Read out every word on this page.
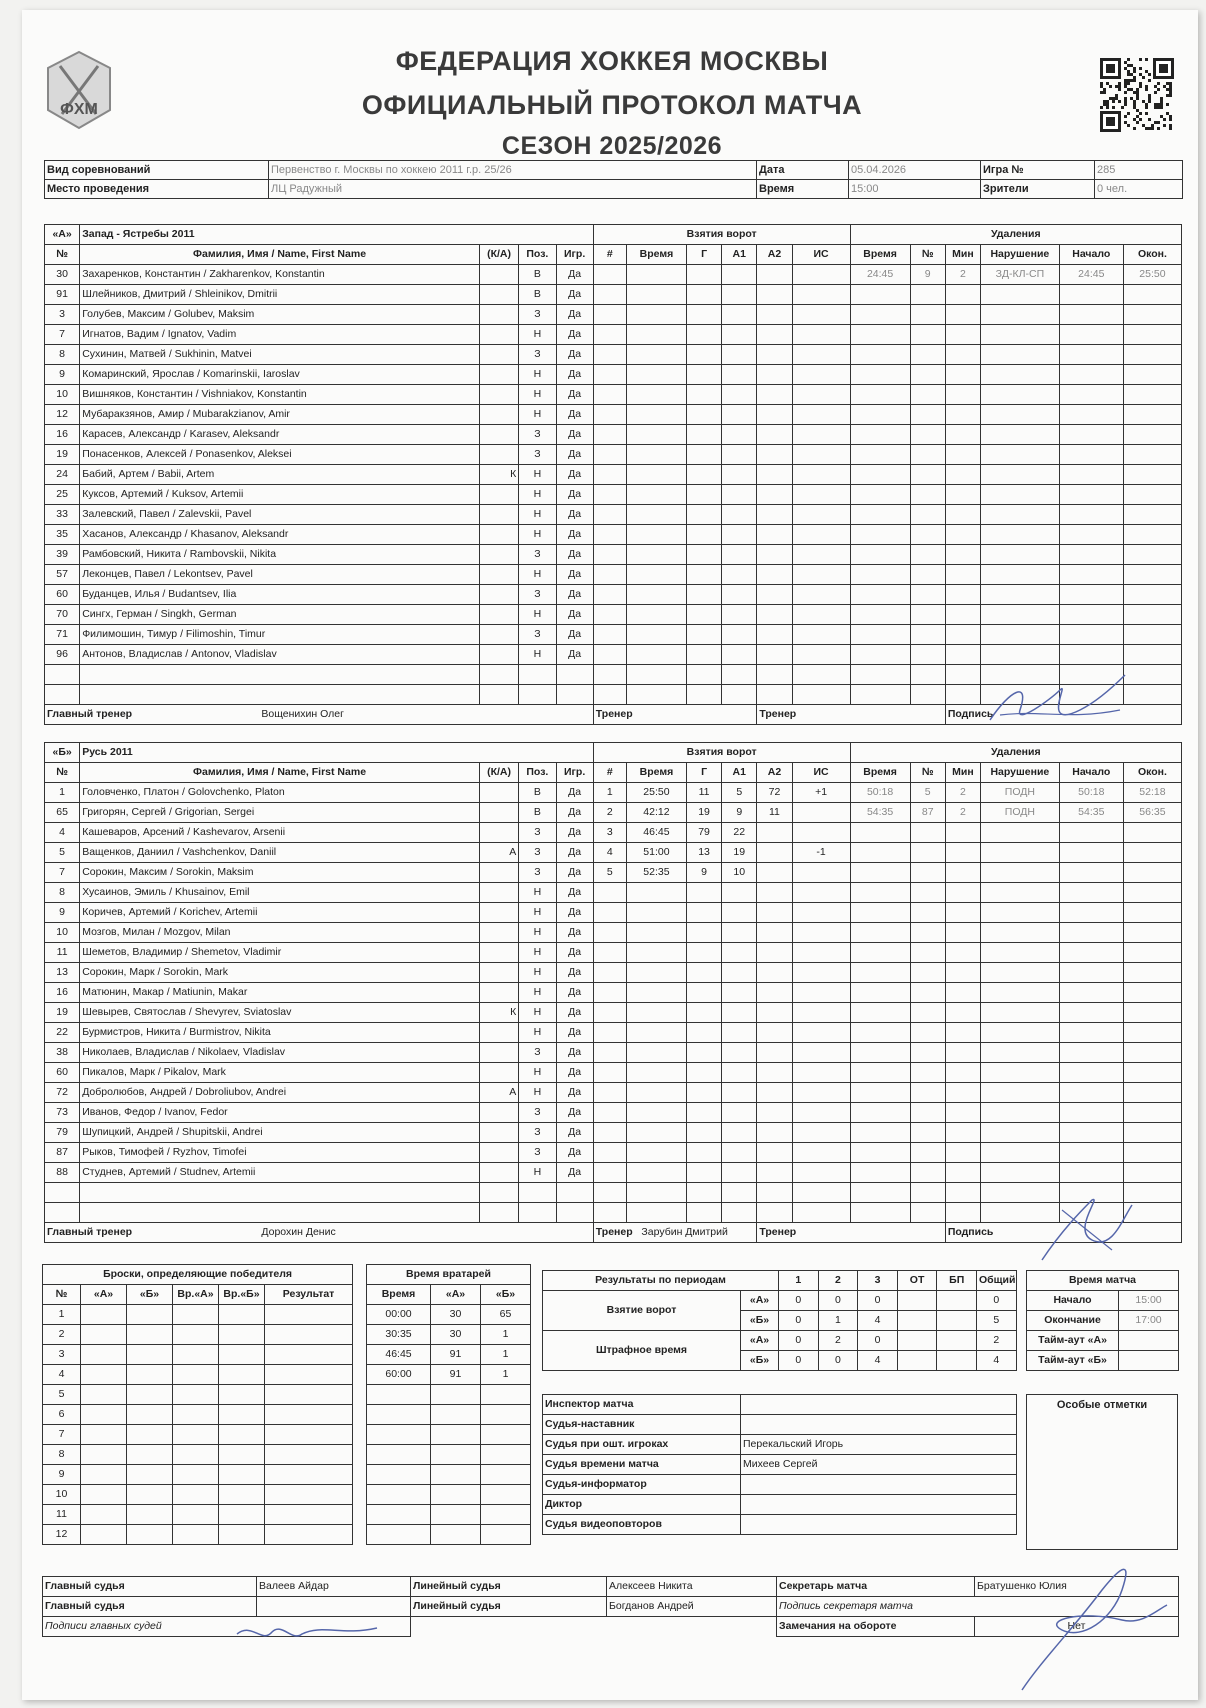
ФХМ
ФЕДЕРАЦИЯ ХОККЕЯ МОСКВЫ
ОФИЦИАЛЬНЫЙ ПРОТОКОЛ МАТЧА
СЕЗОН 2025/2026
Вид соревнований	Первенство г. Москвы по хоккею 2011 г.р. 25/26	Дата	05.04.2026	Игра №	285
Место проведения	ЛЦ Радужный	Время	15:00	Зрители	0 чел.
«А»	Запад - Ястребы 2011				Взятия ворот						Удаления					
№	Фамилия, Имя / Name, First Name	(К/А)	Поз.	Игр.	#	Время	Г	А1	А2	ИС	Время	№	Мин	Нарушение	Начало	Окон.
30	Захаренков, Константин / Zakharenkov, Konstantin		В	Да							24:45	9	2	ЗД-КЛ-СП	24:45	25:50
91	Шлейников, Дмитрий / Shleinikov, Dmitrii		В	Да												
3	Голубев, Максим / Golubev, Maksim		З	Да												
7	Игнатов, Вадим / Ignatov, Vadim		Н	Да												
8	Сухинин, Матвей / Sukhinin, Matvei		З	Да												
9	Комаринский, Ярослав / Komarinskii, Iaroslav		Н	Да												
10	Вишняков, Константин / Vishniakov, Konstantin		Н	Да												
12	Мубаракзянов, Амир / Mubarakzianov, Amir		Н	Да												
16	Карасев, Александр / Karasev, Aleksandr		З	Да												
19	Понасенков, Алексей / Ponasenkov, Aleksei		З	Да												
24	Бабий, Артем / Babii, Artem	К	Н	Да												
25	Куксов, Артемий / Kuksov, Artemii		Н	Да												
33	Залевский, Павел / Zalevskii, Pavel		Н	Да												
35	Хасанов, Александр / Khasanov, Aleksandr		Н	Да												
39	Рамбовский, Никита / Rambovskii, Nikita		З	Да												
57	Леконцев, Павел / Lekontsev, Pavel		Н	Да												
60	Буданцев, Илья / Budantsev, Ilia		З	Да												
70	Сингх, Герман / Singkh, German		Н	Да												
71	Филимошин, Тимур / Filimoshin, Timur		З	Да												
96	Антонов, Владислав / Antonov, Vladislav		Н	Да												

Главный тренер		Вощенихин Олег			Тренер				Тренер				Подпись			
«Б»	Русь 2011				Взятия ворот						Удаления					
№	Фамилия, Имя / Name, First Name	(К/А)	Поз.	Игр.	#	Время	Г	А1	А2	ИС	Время	№	Мин	Нарушение	Начало	Окон.
1	Головченко, Платон / Golovchenko, Platon		В	Да	1	25:50	11	5	72	+1	50:18	5	2	ПОДН	50:18	52:18
65	Григорян, Сергей / Grigorian, Sergei		В	Да	2	42:12	19	9	11		54:35	87	2	ПОДН	54:35	56:35
4	Кашеваров, Арсений / Kashevarov, Arsenii		З	Да	3	46:45	79	22								
5	Ващенков, Даниил / Vashchenkov, Daniil	А	З	Да	4	51:00	13	19		-1						
7	Сорокин, Максим / Sorokin, Maksim		З	Да	5	52:35	9	10								
8	Хусаинов, Эмиль / Khusainov, Emil		Н	Да												
9	Коричев, Артемий / Korichev, Artemii		Н	Да												
10	Мозгов, Милан / Mozgov, Milan		Н	Да												
11	Шеметов, Владимир / Shemetov, Vladimir		Н	Да												
13	Сорокин, Марк / Sorokin, Mark		Н	Да												
16	Матюнин, Макар / Matiunin, Makar		Н	Да												
19	Шевырев, Святослав / Shevyrev, Sviatoslav	К	Н	Да												
22	Бурмистров, Никита / Burmistrov, Nikita		Н	Да												
38	Николаев, Владислав / Nikolaev, Vladislav		З	Да												
60	Пикалов, Марк / Pikalov, Mark		Н	Да												
72	Добролюбов, Андрей / Dobroliubov, Andrei	А	Н	Да												
73	Иванов, Федор / Ivanov, Fedor		З	Да												
79	Шупицкий, Андрей / Shupitskii, Andrei		З	Да												
87	Рыков, Тимофей / Ryzhov, Timofei		З	Да												
88	Студнев, Артемий / Studnev, Artemii		Н	Да												

Главный тренер		Дорохин Денис			Тренер Зарубин Дмитрий				Тренер				Подпись			
Броски, определяющие победителя					
№	«А»	«Б»	Вр.«А»	Вр.«Б»	Результат
1					
2					
3					
4					
5					
6					
7					
8					
9					
10					
11					
12					
Время вратарей		
Время	«А»	«Б»
00:00	30	65
30:35	30	1
46:45	91	1
60:00	91	1

Результаты по периодам		1	2	3	ОТ	БП	Общий
Взятие ворот	«А»	0	0	0			0
	«Б»	0	1	4			5
Штрафное время	«А»	0	2	0			2
	«Б»	0	0	4			4
Время матча	
Начало	15:00
Окончание	17:00
Тайм-аут «А»	
Тайм-аут «Б»	
Инспектор матча	
Судья-наставник	
Судья при ошт. игроках	Перекальский Игорь
Судья времени матча	Михеев Сергей
Судья-информатор	
Диктор	
Судья видеоповторов	
Особые отметки
Главный судья	Валеев Айдар	Линейный судья	Алексеев Никита	Секретарь матча	Братушенко Юлия
Главный судья		Линейный судья	Богданов Андрей	Подпись секретаря матча	
Подписи главных судей				Замечания на обороте	Нет
